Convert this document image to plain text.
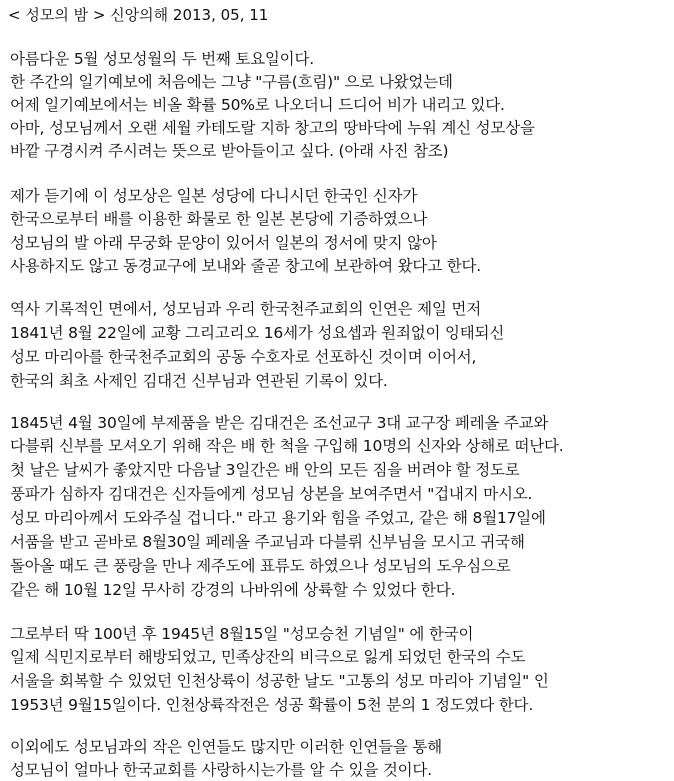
< 성모의 밤 > 신앙의해 2013, 05, 11
아름다운 5월 성모성월의 두 번째 토요일이다.
한 주간의 일기예보에 처음에는 그냥 "구름(흐림)" 으로 나왔었는데
어제 일기예보에서는 비올 확률 50%로 나오더니 드디어 비가 내리고 있다.
아마, 성모님께서 오랜 세월 카테도랄 지하 창고의 땅바닥에 누워 계신 성모상을
바깥 구경시켜 주시려는 뜻으로 받아들이고 싶다. (아래 사진 참조)
제가 듣기에 이 성모상은 일본 성당에 다니시던 한국인 신자가
한국으로부터 배를 이용한 화물로 한 일본 본당에 기증하였으나
성모님의 발 아래 무궁화 문양이 있어서 일본의 정서에 맞지 않아
사용하지도 않고 동경교구에 보내와 줄곧 창고에 보관하여 왔다고 한다.
역사 기록적인 면에서, 성모님과 우리 한국천주교회의 인연은 제일 먼저
1841년 8월 22일에 교황 그리고리오 16세가 성요셉과 원죄없이 잉태되신
성모 마리아를 한국천주교회의 공동 수호자로 선포하신 것이며 이어서,
한국의 최초 사제인 김대건 신부님과 연관된 기록이 있다.
1845년 4월 30일에 부제품을 받은 김대건은 조선교구 3대 교구장 페레올 주교와
다블뤼 신부를 모셔오기 위해 작은 배 한 척을 구입해 10명의 신자와 상해로 떠난다.
첫 날은 날씨가 좋았지만 다음날 3일간은 배 안의 모든 짐을 버려야 할 정도로
풍파가 심하자 김대건은 신자들에게 성모님 상본을 보여주면서 "겁내지 마시오.
성모 마리아께서 도와주실 겁니다." 라고 용기와 힘을 주었고, 같은 해 8월17일에
서품을 받고 곧바로 8월30일 페레올 주교님과 다블뤼 신부님을 모시고 귀국해
돌아올 때도 큰 풍랑을 만나 제주도에 표류도 하였으나 성모님의 도우심으로
같은 해 10월 12일 무사히 강경의 나바위에 상륙할 수 있었다 한다.
그로부터 딱 100년 후 1945년 8월15일 "성모승천 기념일" 에 한국이
일제 식민지로부터 해방되었고, 민족상잔의 비극으로 잃게 되었던 한국의 수도
서울을 회복할 수 있었던 인천상륙이 성공한 날도 "고통의 성모 마리아 기념일" 인
1953년 9월15일이다. 인천상륙작전은 성공 확률이 5천 분의 1 정도였다 한다.
이외에도 성모님과의 작은 인연들도 많지만 이러한 인연들을 통해
성모님이 얼마나 한국교회를 사랑하시는가를 알 수 있을 것이다.
